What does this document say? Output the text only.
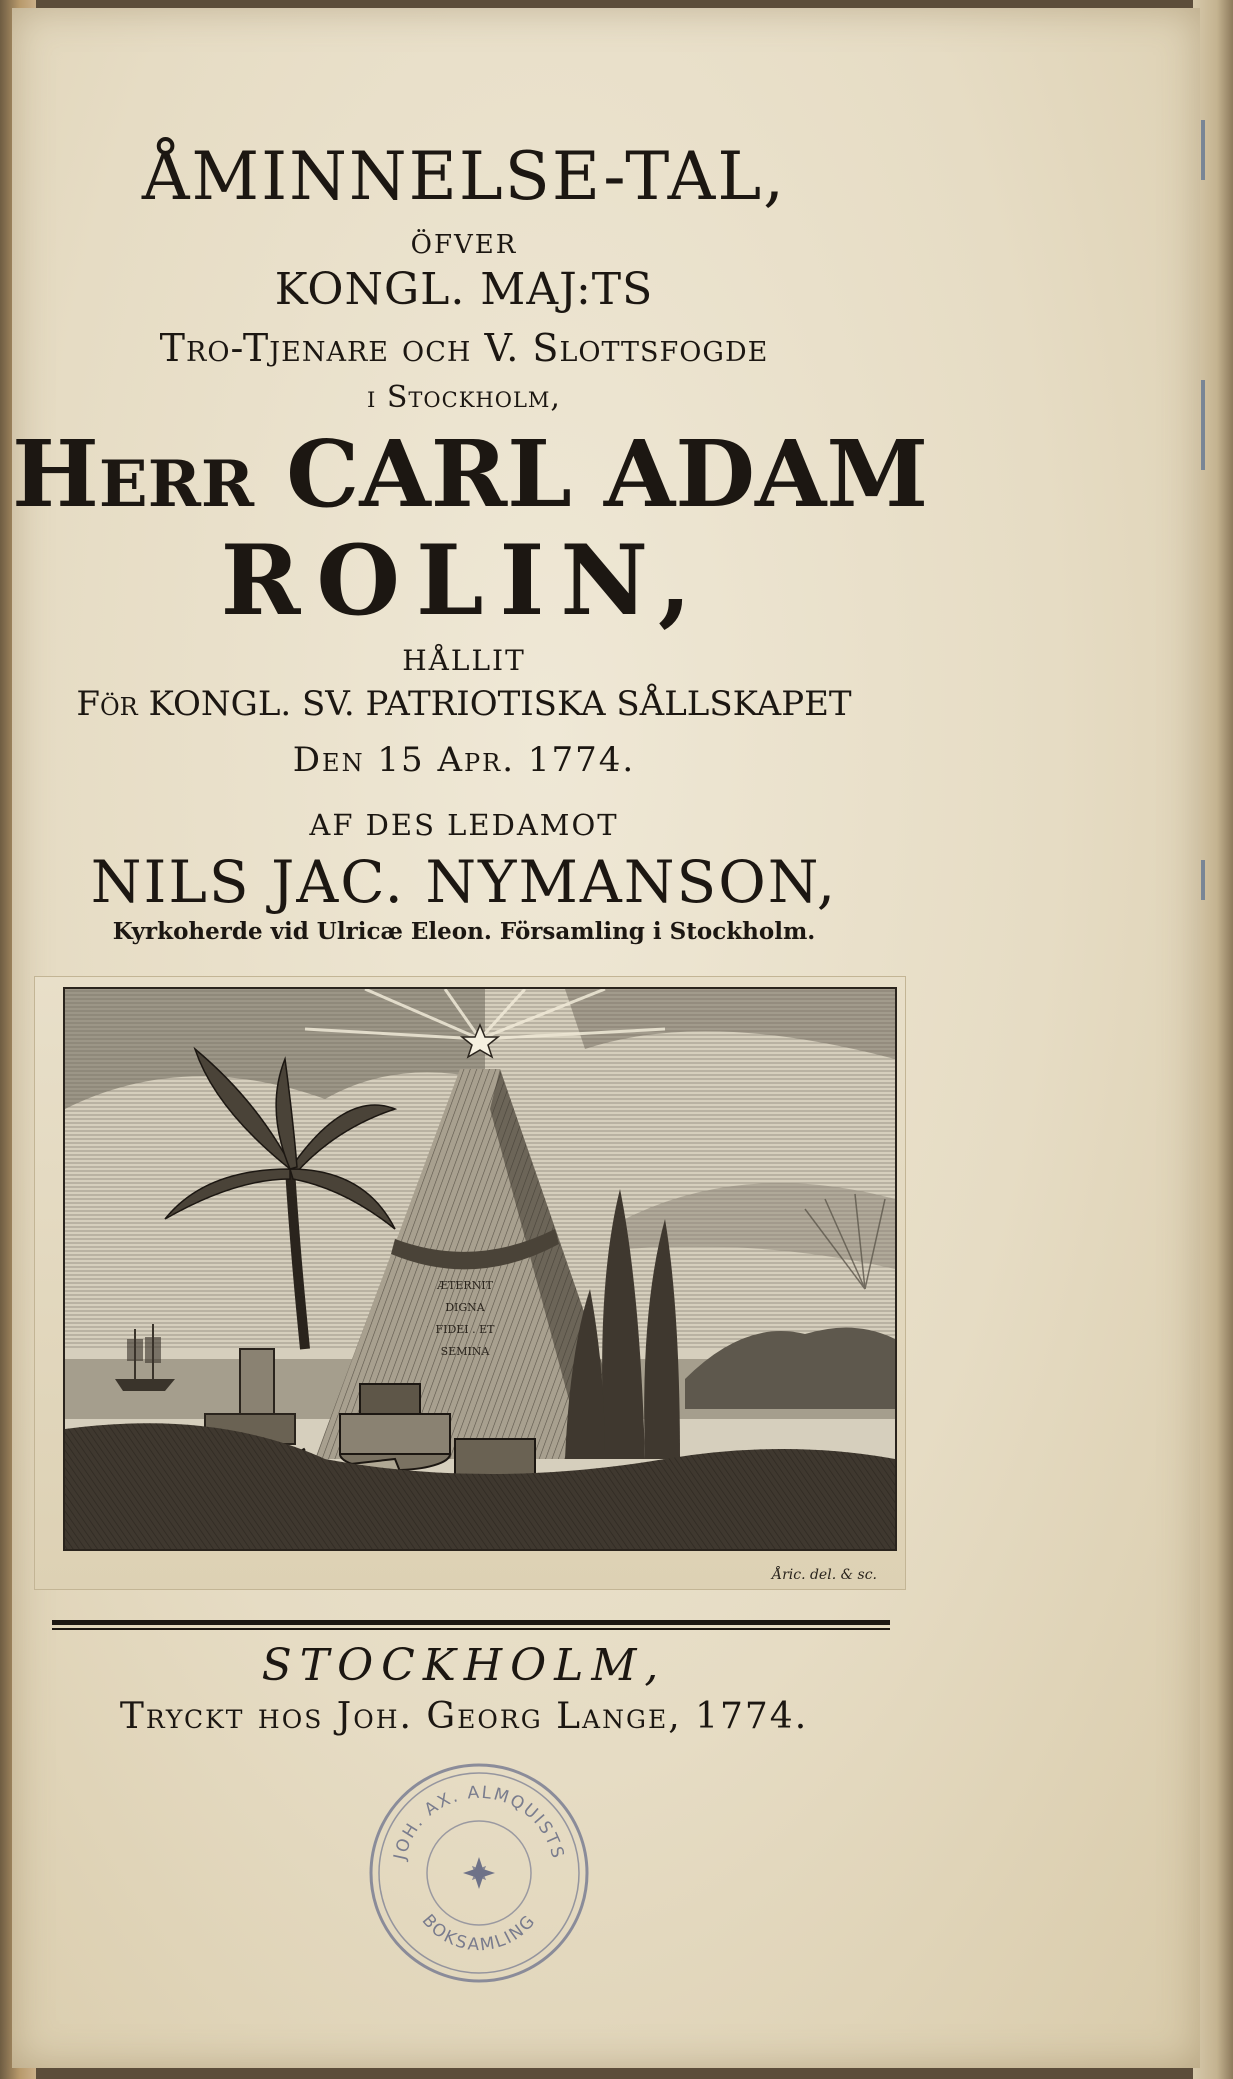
ÅMINNELSE-TAL,
ÖFVER
KONGL. MAJ:TS
Tro-Tjenare och V. Slottsfogde
i Stockholm,
Herr CARL ADAM
ROLIN,
HÅLLIT
För KONGL. SV. PATRIOTISKA SÅLLSKAPET
Den 15 Apr. 1774.
AF DES LEDAMOT
NILS JAC. NYMANSON,
Kyrkoherde vid Ulricæ Eleon. Församling i Stockholm.
ÆTERNIT
DIGNA
FIDEI . ET
SEMINA
Åric. del. & sc.
STOCKHOLM,
Tryckt hos Joh. Georg Lange, 1774.
JOH. AX. ALMQUISTS
BOKSAMLING
